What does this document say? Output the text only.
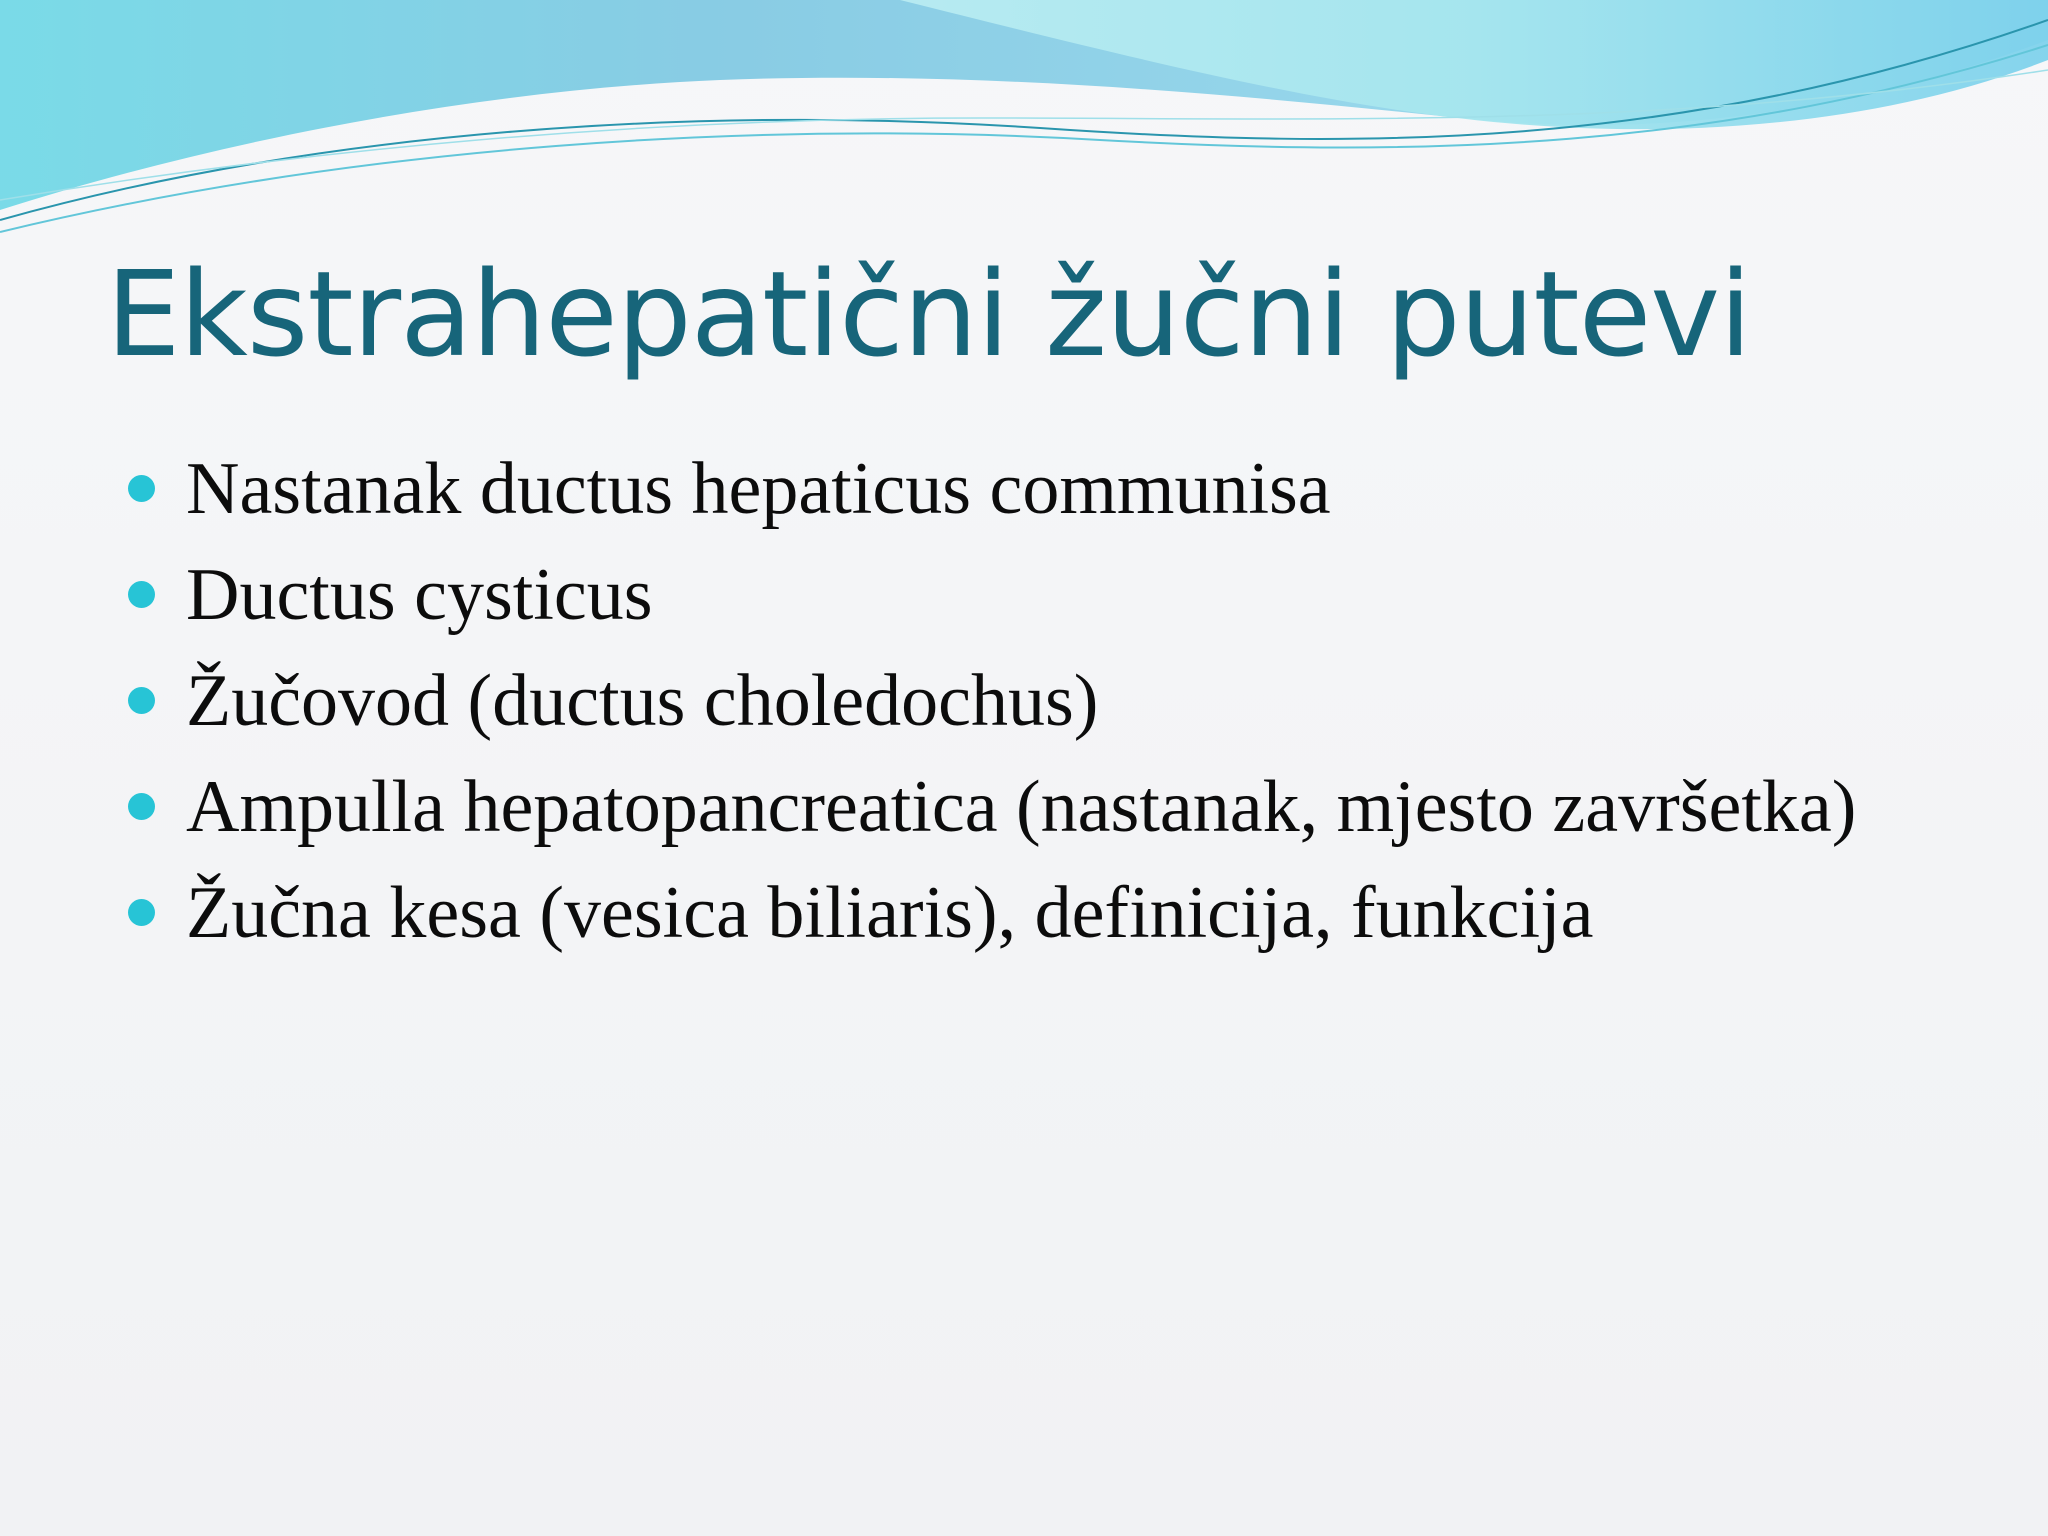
Ekstrahepatični žučni putevi
Nastanak ductus hepaticus communisa
Ductus cysticus
Žučovod (ductus choledochus)
Ampulla hepatopancreatica (nastanak, mjesto završetka)
Žučna kesa (vesica biliaris), definicija, funkcija
